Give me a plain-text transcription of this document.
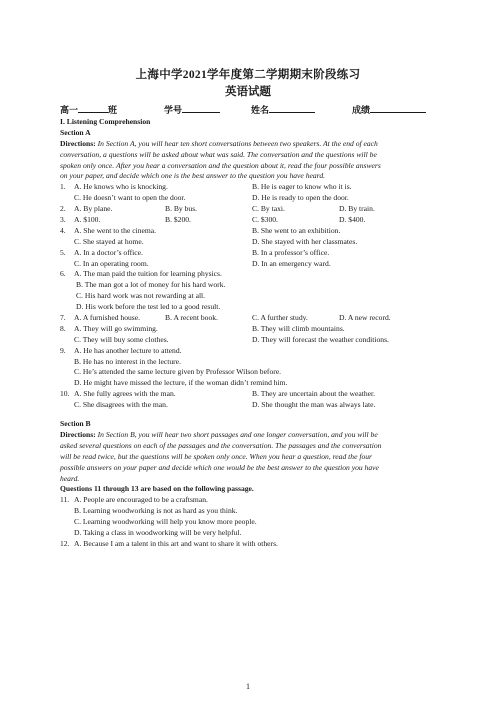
上海中学2021学年度第二学期期末阶段练习
英语试题
高一	班	学号	姓名	成绩
I. Listening Comprehension
Section A
Directions: In Section A, you will hear ten short conversations between two speakers. At the end of each
conversation, a questions will be asked about what was said. The conversation and the questions will be
spoken only once. After you hear a conversation and the question about it, read the four possible answers
on your paper, and decide which one is the best answer to the question you have heard.
1. A. He knows who is knocking.	B. He is eager to know who it is.
C. He doesn’t want to open the door.	D. He is ready to open the door.
2. A. By plane.	B. By bus.	C. By taxi.	D. By train.
3. A. $100.	B. $200.	C. $300.	D. $400.
4. A. She went to the cinema.	B. She went to an exhibition.
C. She stayed at home.	D. She stayed with her classmates.
5. A. In a doctor’s office.	B. In a professor’s office.
C. In an operating room.	D. In an emergency ward.
6. A. The man paid the tuition for learning physics.
B. The man got a lot of money for his hard work.
C. His hard work was not rewarding at all.
D. His work before the test led to a good result.
7. A. A furnished house.	B. A recent book.	C. A further study.	D. A new record.
8. A. They will go swimming.	B. They will climb mountains.
C. They will buy some clothes.	D. They will forecast the weather conditions.
9. A. He has another lecture to attend.
B. He has no interest in the lecture.
C. He’s attended the same lecture given by Professor Wilson before.
D. He might have missed the lecture, if the woman didn’t remind him.
10. A. She fully agrees with the man.	B. They are uncertain about the weather.
C. She disagrees with the man.	D. She thought the man was always late.
Section B
Directions: In Section B, you will hear two short passages and one longer conversation, and you will be
asked several questions on each of the passages and the conversation. The passages and the conversation
will be read twice, but the questions will be spoken only once. When you hear a question, read the four
possible answers on your paper and decide which one would be the best answer to the question you have
heard.
Questions 11 through 13 are based on the following passage.
11. A. People are encouraged to be a craftsman.
B. Learning woodworking is not as hard as you think.
C. Learning woodworking will help you know more people.
D. Taking a class in woodworking will be very helpful.
12. A. Because I am a talent in this art and want to share it with others.
1
